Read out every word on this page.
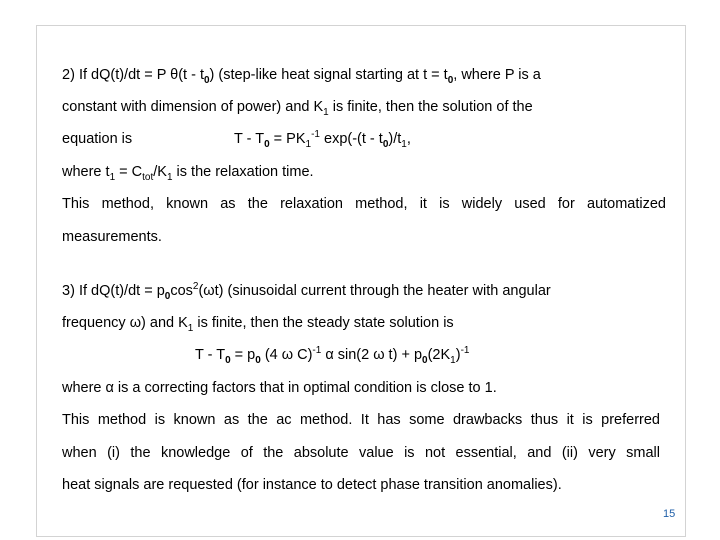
2) If dQ(t)/dt = P $\theta(t - t_0)$ (step-like heat signal starting at $t = t_0$, where P is a
constant with dimension of power) and $K_1$ is finite, then the solution of the
equation is	$T - T_0 = PK_1^{-1}$ $\exp(-(t - t_0)/t_1$,
where $t_1 = C_{tot}/K_1$ is the relaxation time.
This method, known as the relaxation method, it is widely used for automatized
measurements.
3) If $dQ(t)/dt = p_0\cos^2(\omega t)$ (sinusoidal current through the heater with angular
frequency ω) and $K_1$ is finite, then the steady state solution is
$T - T_0 = p_0$ (4 ω C)$^{-1}$ α sin(2 ω $t) + p_0(2K_1)^{-1}$
where α is a correcting factors that in optimal condition is close to 1.
This method is known as the ac method. It has some drawbacks thus it is preferred
when (i) the knowledge of the absolute value is not essential, and (ii) very small
heat signals are requested (for instance to detect phase transition anomalies).
15
